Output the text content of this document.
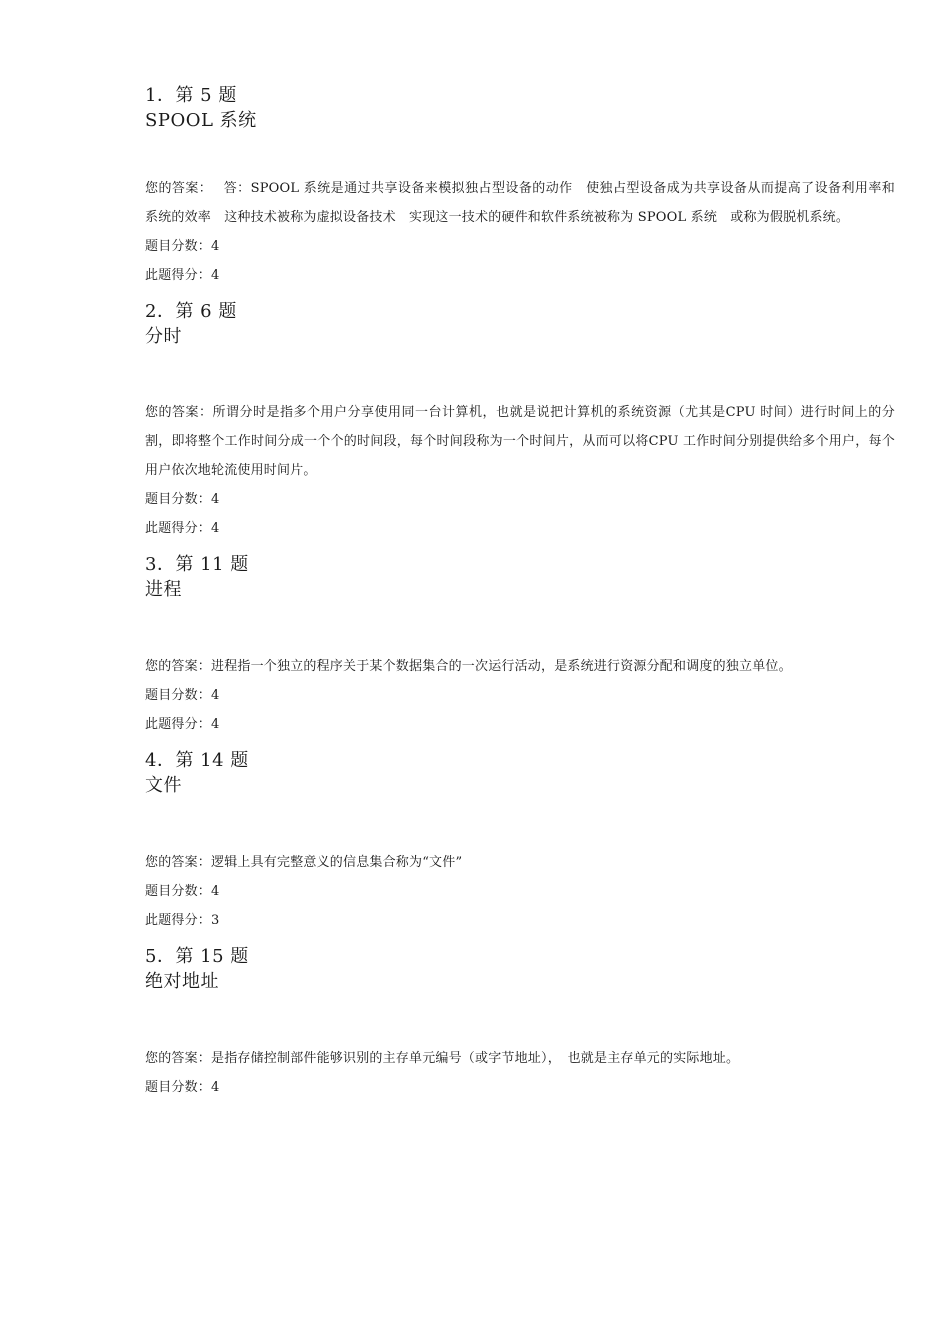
1．第 5 题

SPOOL 系统

您的答案：　 答：SPOOL 系统是通过共享设备来模拟独占型设备的动作　使独占型设备成为共享设备从而提高了设备利用率和系统的效率　这种技术被称为虚拟设备技术　实现这一技术的硬件和软件系统被称为 SPOOL 系统　或称为假脱机系统。

题目分数：4

此题得分：4

2．第 6 题

分时

您的答案：所谓分时是指多个用户分享使用同一台计算机，也就是说把计算机的系统资源（尤其是CPU 时间）进行时间上的分割，即将整个工作时间分成一个个的时间段，每个时间段称为一个时间片，从而可以将CPU 工作时间分别提供给多个用户，每个用户依次地轮流使用时间片。

题目分数：4

此题得分：4

3．第 11 题

进程

您的答案：进程指一个独立的程序关于某个数据集合的一次运行活动，是系统进行资源分配和调度的独立单位。

题目分数：4

此题得分：4

4．第 14 题

文件

您的答案：逻辑上具有完整意义的信息集合称为“文件”

题目分数：4

此题得分：3

5．第 15 题

绝对地址

您的答案：是指存储控制部件能够识别的主存单元编号（或字节地址），　也就是主存单元的实际地址。

题目分数：4
